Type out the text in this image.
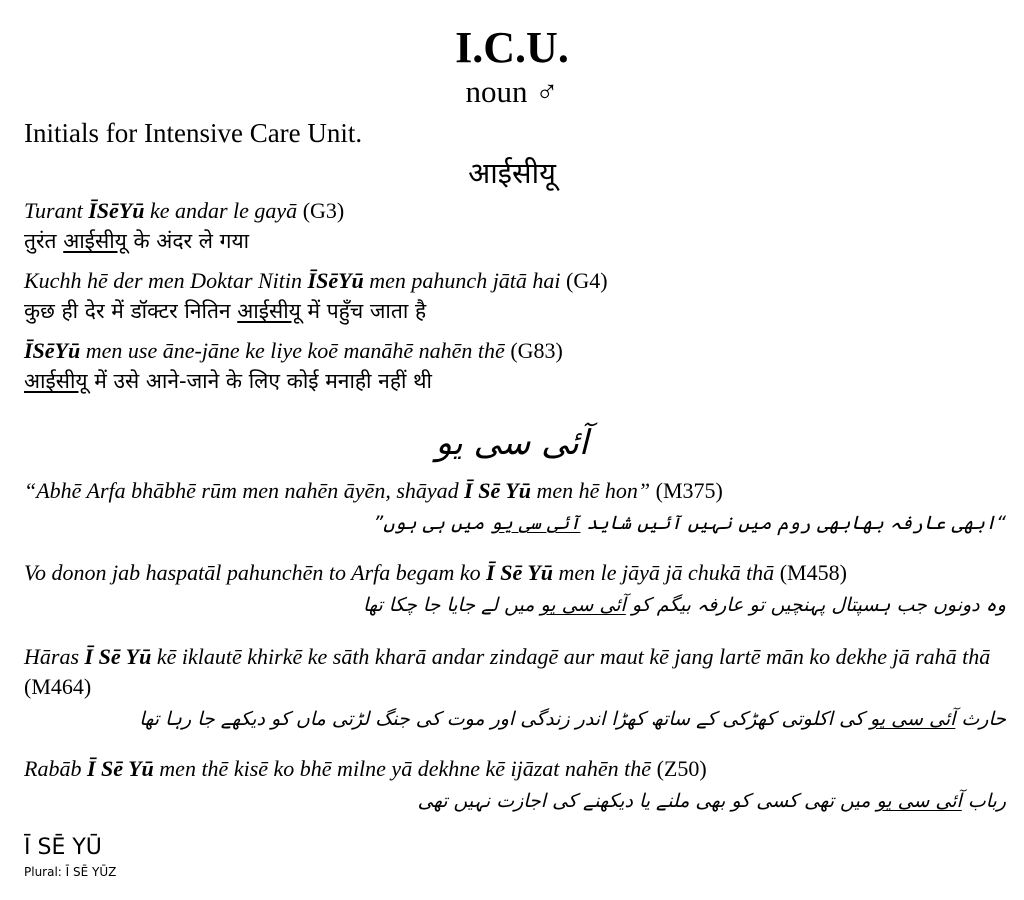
I.C.U.
noun ♂
Initials for Intensive Care Unit.
आईसीयू
Turant ĪSēYū ke andar le gayā (G3)
तुरंत आईसीयू के अंदर ले गया
Kuchh hē der men Doktar Nitin ĪSēYū men pahunch jātā hai (G4)
कुछ ही देर में डॉक्टर नितिन आईसीयू में पहुँच जाता है
ĪSēYū men use āne-jāne ke liye koē manāhē nahēn thē (G83)
आईसीयू में उसे आने-जाने के लिए कोई मनाही नहीं थी
آئی سی یو
“Abhē Arfa bhābhē rūm men nahēn āyēn, shāyad Ī Sē Yū men hē hon” (M375)
“ابھی عارفہ بھابھی روم میں نہیں آئیں شاید آئی سی یو میں ہی ہوں”
Vo donon jab haspatāl pahunchēn to Arfa begam ko Ī Sē Yū men le jāyā jā chukā thā (M458)
وہ دونوں جب ہسپتال پہنچیں تو عارفہ بیگم کو آئی سی یو میں لے جایا جا چکا تھا
Hāras Ī Sē Yū kē iklautē khirkē ke sāth kharā andar zindagē aur maut kē jang lartē mān ko dekhe jā rahā thā (M464)
حارث آئی سی یو کی اکلوتی کھڑکی کے ساتھ کھڑا اندر زندگی اور موت کی جنگ لڑتی ماں کو دیکھے جا رہا تھا
Rabāb Ī Sē Yū men thē kisē ko bhē milne yā dekhne kē ijāzat nahēn thē (Z50)
رباب آئی سی یو میں تھی کسی کو بھی ملنے یا دیکھنے کی اجازت نہیں تھی
Ī SĒ YŪ
Plural: Ī SĒ YŪZ
